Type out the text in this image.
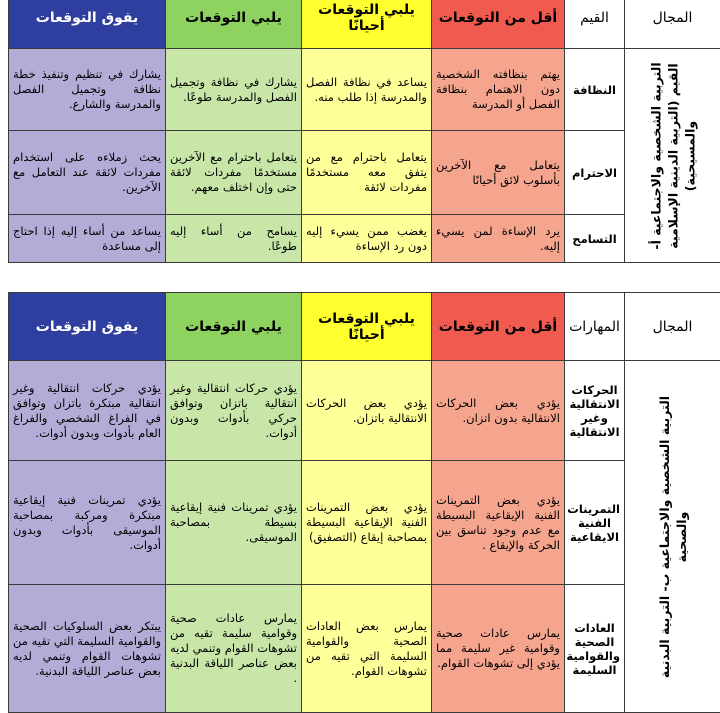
المجال	القيم	أقل من التوقعات	يلبي التوقعات أحيانًا	يلبي التوقعات	يفوق التوقعات

التربية الشخصية والاجتماعية أ- القيم (التربية الدينية الإسلامية والمسيحية)	النظافة	يهتم بنظافته الشخصية دون الاهتمام بنظافة الفصل أو المدرسة	يساعد في نظافة الفصل والمدرسة إذا طلب منه.	يشارك في نظافة وتجميل الفصل والمدرسة طوعًا.	يشارك في تنظيم وتنفيذ خطة نظافة وتجميل الفصل والمدرسة والشارع.
	الاحترام	يتعامل مع الآخرين بأسلوب لائق أحيانًا	يتعامل باحترام مع من يتفق معه مستخدمًا مفردات لائقة	يتعامل باحترام مع الآخرين مستخدمًا مفردات لائقة حتى وإن اختلف معهم.	يحث زملاءه على استخدام مفردات لائقة عند التعامل مع الآخرين.
	التسامح	يرد الإساءة لمن يسيء إليه.	يغضب ممن يسيء إليه دون رد الإساءة	يسامح من أساء إليه طوعًا.	يساعد من أساء إليه إذا احتاج إلى مساعدة
المجال	المهارات	أقل من التوقعات	يلبي التوقعات أحيانًا	يلبي التوقعات	يفوق التوقعات

التربية الشخصية والاجتماعية ب- التربية البدنية والصحية	الحركات الانتقالية وغير الانتقالية	يؤدي بعض الحركات الانتقالية بدون اتزان.	يؤدي بعض الحركات الانتقالية باتزان.	يؤدي حركات انتقالية وغير انتقالية باتزان وتوافق حركي بأدوات وبدون أدوات.	يؤدي حركات انتقالية وغير انتقالية مبتكرة باتزان وتوافق في الفراغ الشخصي والفراغ العام بأدوات وبدون أدوات.
	التمرينات الفنية الايقاعية	يؤدي بعض التمرينات الفنية الإيقاعية البسيطة مع عدم وجود تناسق بين الحركة والإيقاع .	يؤدي بعض التمرينات الفنية الإيقاعية البسيطة بمصاحبة إيقاع (التصفيق)	يؤدي تمرينات فنية إيقاعية بسيطة بمصاحبة الموسيقى.	يؤدي تمرينات فنية إيقاعية مبتكرة ومركبة بمصاحبة الموسيقى بأدوات وبدون أدوات.
	العادات الصحية والقوامية السليمة	يمارس عادات صحية وقوامية غير سليمة مما يؤدي إلى تشوهات القوام.	يمارس بعض العادات الصحية والقوامية السليمة التي تقيه من تشوهات القوام.	يمارس عادات صحية وقوامية سليمة تقيه من تشوهات القوام وتنمي لديه بعض عناصر اللياقة البدنية .	يبتكر بعض السلوكيات الصحية والقوامية السليمة التي تقيه من تشوهات القوام وتنمي لديه بعض عناصر اللياقة البدنية.
